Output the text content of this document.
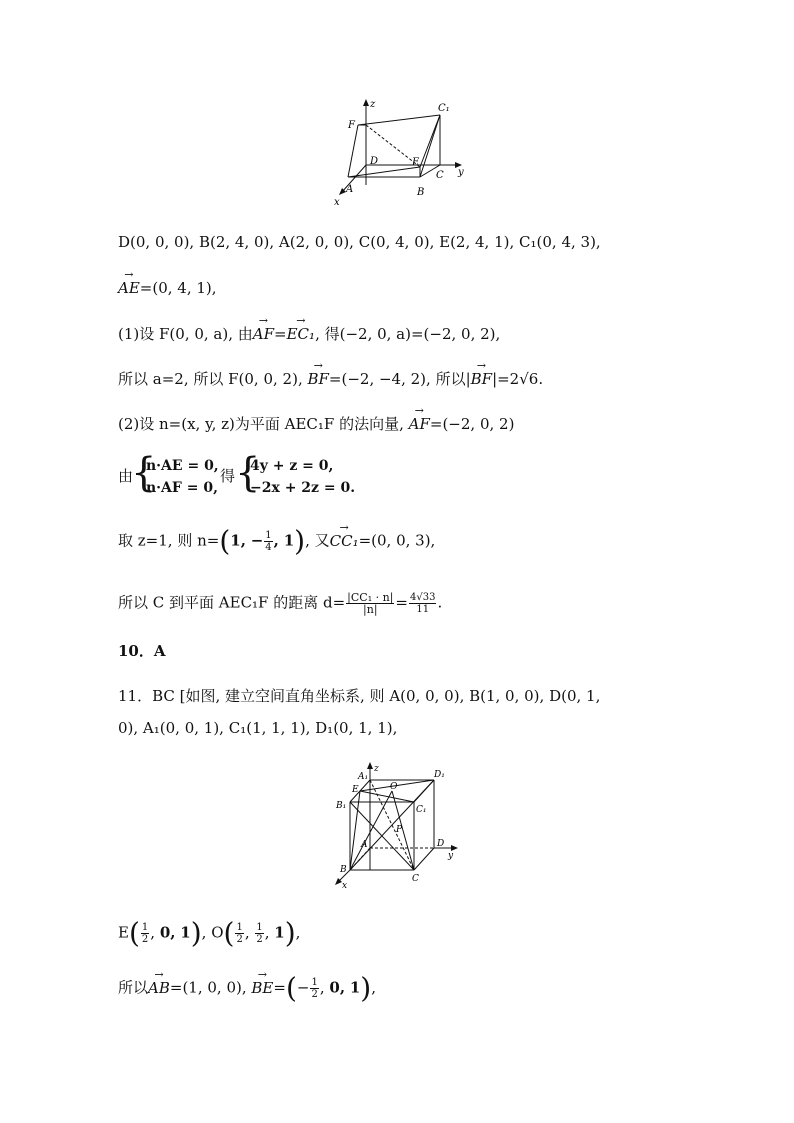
z
y
x
F
C₁
D	E
A	B
C
D(0, 0, 0), B(2, 4, 0), A(2, 0, 0), C(0, 4, 0), E(2, 4, 1), C₁(0, 4, 3),
→ AE=(0, 4, 1),
(1)设 F(0, 0, a), 由→ AF=→ EC₁, 得(−2, 0, a)=(−2, 0, 2),
所以 a=2, 所以 F(0, 0, 2), → BF=(−2, −4, 2), 所以|→ BF|=2√6.
(2)设 n=(x, y, z)为平面 AEC₁F 的法向量, → AF=(−2, 0, 2)
由
{
n·AE = 0,
n·AF = 0,
得 {
4y + z = 0,
−2x + 2z = 0.
取 z=1, 则 n=(1, − $\frac{1}{4}$ , 1), 又→ CC₁=(0, 0, 3),
所以 C 到平面 AEC₁F 的距离 $d= \frac{\text{|CC₁ · n|}}{|n|} = \frac{4√33}{11}$ .
10．A
11．BC [如图, 建立空间直角坐标系, 则 A(0, 0, 0), B(1, 0, 0), D(0, 1,
0), A₁(0, 0, 1), C₁(1, 1, 1), D₁(0, 1, 1),
A₁
z
D₁
E	O
B₁	C₁
P
A	D
y
B
C
x
$E( \frac{1}{2}$ , 0, 1), $O( \frac{1}{2}$ , $\frac{1}{2}$ , 1),
所以→ AB=(1, 0, 0), → $BE=(- \frac{1}{2}$ , 0, 1),
